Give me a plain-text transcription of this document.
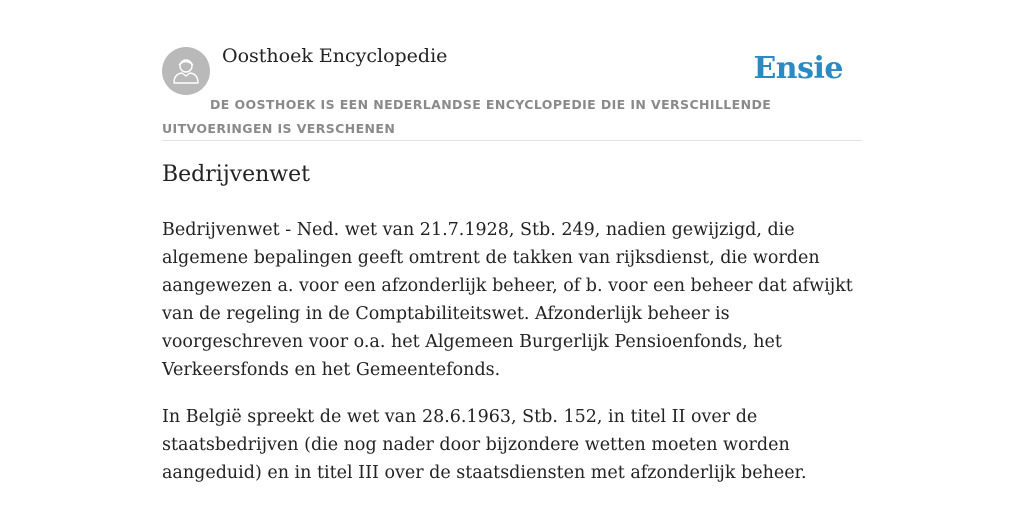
Oosthoek Encyclopedie	Ensie
DE OOSTHOEK IS EEN NEDERLANDSE ENCYCLOPEDIE DIE IN VERSCHILLENDE UITVOERINGEN IS VERSCHENEN
Bedrijvenwet

Bedrijvenwet - Ned. wet van 21.7.1928, Stb. 249, nadien gewijzigd, die algemene bepalingen geeft omtrent de takken van rijksdienst, die worden aangewezen a. voor een afzonderlijk beheer, of b. voor een beheer dat afwijkt van de regeling in de Comptabiliteitswet. Afzonderlijk beheer is voorgeschreven voor o.a. het Algemeen Burgerlijk Pensioenfonds, het Verkeersfonds en het Gemeentefonds.

In België spreekt de wet van 28.6.1963, Stb. 152, in titel II over de staatsbedrijven (die nog nader door bijzondere wetten moeten worden aangeduid) en in titel III over de staatsdiensten met afzonderlijk beheer.
